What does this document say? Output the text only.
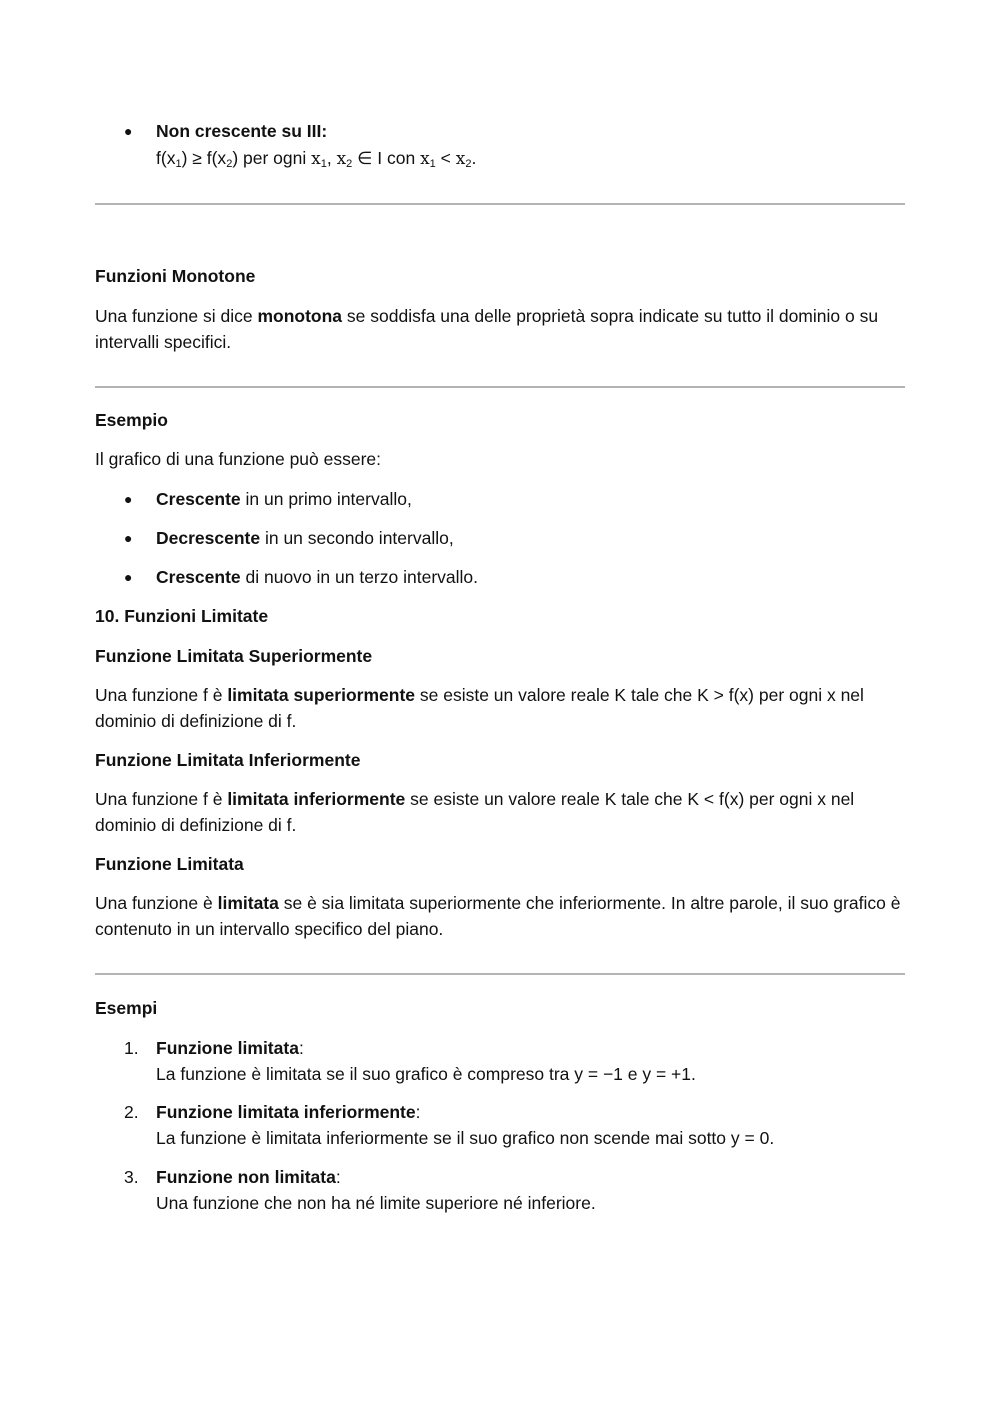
●	Non crescente su III:
$f(x_1) \ge f(x_2)$ per ogni $x_1$, $x_2$ ∈ I con $x_1 < x_2$.
Funzioni Monotone
Una funzione si dice monotona se soddisfa una delle proprietà sopra indicate su tutto il dominio o su intervalli specifici.
Esempio
Il grafico di una funzione può essere:
●	Crescente in un primo intervallo,
●	Decrescente in un secondo intervallo,
●	Crescente di nuovo in un terzo intervallo.
10. Funzioni Limitate
Funzione Limitata Superiormente
Una funzione f è limitata superiormente se esiste un valore reale K tale che K > f(x) per ogni x nel dominio di definizione di f.
Funzione Limitata Inferiormente
Una funzione f è limitata inferiormente se esiste un valore reale K tale che K < f(x) per ogni x nel dominio di definizione di f.
Funzione Limitata
Una funzione è limitata se è sia limitata superiormente che inferiormente. In altre parole, il suo grafico è contenuto in un intervallo specifico del piano.
Esempi
1. Funzione limitata:
La funzione è limitata se il suo grafico è compreso tra y = −1 e y = +1.
2. Funzione limitata inferiormente:
La funzione è limitata inferiormente se il suo grafico non scende mai sotto y = 0.
3. Funzione non limitata:
Una funzione che non ha né limite superiore né inferiore.
